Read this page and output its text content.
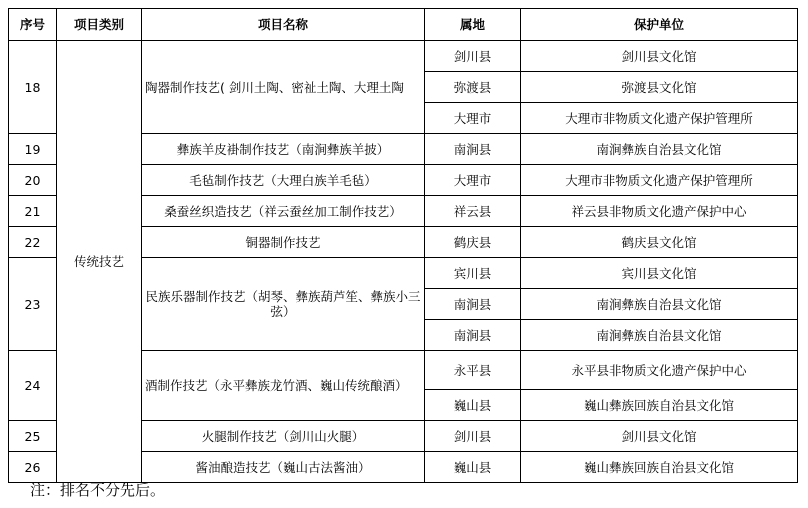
序号	项目类别	项目名称	属地	保护单位
18	传统技艺	陶器制作技艺( 剑川土陶、密祉土陶、大理土陶	剑川县	剑川县文化馆
			弥渡县	弥渡县文化馆
			大理市	大理市非物质文化遗产保护管理所
19		彝族羊皮褂制作技艺（南涧彝族羊披）	南涧县	南涧彝族自治县文化馆
20		毛毡制作技艺（大理白族羊毛毡）	大理市	大理市非物质文化遗产保护管理所
21		桑蚕丝织造技艺（祥云蚕丝加工制作技艺）	祥云县	祥云县非物质文化遗产保护中心
22		铜器制作技艺	鹤庆县	鹤庆县文化馆
23		民族乐器制作技艺（胡琴、彝族葫芦笙、彝族小三弦）	宾川县	宾川县文化馆
			南涧县	南涧彝族自治县文化馆
			南涧县	南涧彝族自治县文化馆
24		酒制作技艺（永平彝族龙竹酒、巍山传统酿酒）	永平县	永平县非物质文化遗产保护中心
			巍山县	巍山彝族回族自治县文化馆
25		火腿制作技艺（剑川山火腿）	剑川县	剑川县文化馆
26		酱油酿造技艺（巍山古法酱油）	巍山县	巍山彝族回族自治县文化馆
注：排名不分先后。
